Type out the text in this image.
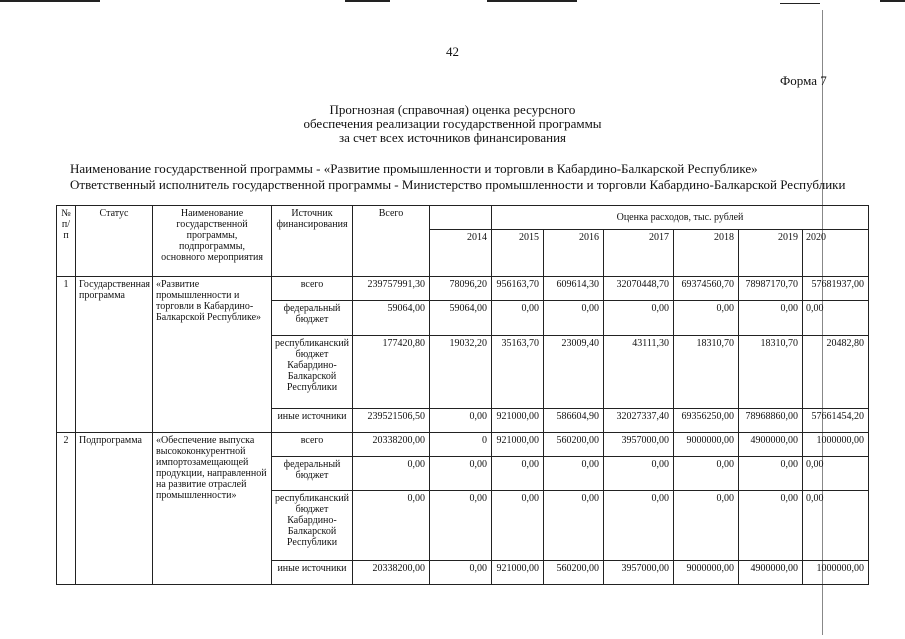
42
Форма 7
Прогнозная (справочная) оценка ресурсного
обеспечения реализации государственной программы
за счет всех источников финансирования
Наименование государственной программы - «Развитие промышленности и торговли в Кабардино-Балкарской Республике»
Ответственный исполнитель государственной программы - Министерство промышленности и торговли Кабардино-Балкарской Республики
№ п/п	Статус	Наименование государственной программы, подпрограммы, основного мероприятия	Источник финансирования	Всего		Оценка расходов, тыс. рублей					
					2014	2015	2016	2017	2018	2019	2020
1	Государственная программа	«Развитие промышленности и торговли в Кабардино-Балкарской Республике»	всего	239757991,30	78096,20	956163,70	609614,30	32070448,70	69374560,70	78987170,70	57681937,00
			федеральный бюджет	59064,00	59064,00	0,00	0,00	0,00	0,00	0,00	0,00
			республиканский бюджет Кабардино-Балкарской Республики	177420,80	19032,20	35163,70	23009,40	43111,30	18310,70	18310,70	20482,80
			иные источники	239521506,50	0,00	921000,00	586604,90	32027337,40	69356250,00	78968860,00	57661454,20
2	Подпрограмма	«Обеспечение выпуска высококонкурентной импортозамещающей продукции, направленной на развитие отраслей промышленности»	всего	20338200,00	0	921000,00	560200,00	3957000,00	9000000,00	4900000,00	1000000,00
			федеральный бюджет	0,00	0,00	0,00	0,00	0,00	0,00	0,00	0,00
			республиканский бюджет Кабардино-Балкарской Республики	0,00	0,00	0,00	0,00	0,00	0,00	0,00	0,00
			иные источники	20338200,00	0,00	921000,00	560200,00	3957000,00	9000000,00	4900000,00	1000000,00
